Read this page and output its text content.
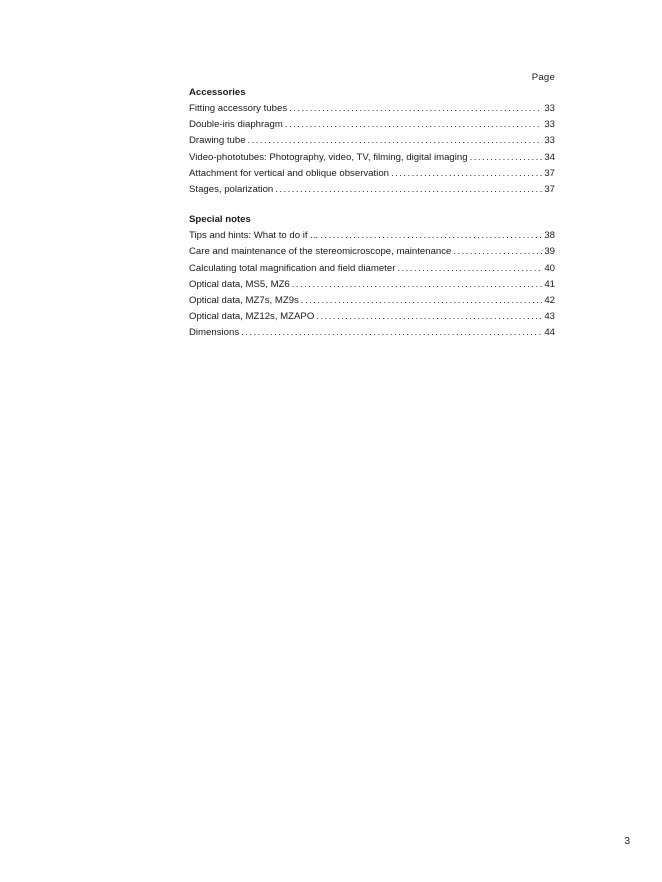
Page
Accessories
Fitting accessory tubes . . .	33
Double-iris diaphragm . . .	33
Drawing tube . . .	33
Video-phototubes: Photography, video, TV, filming, digital imaging . . .	34
Attachment for vertical and oblique observation . . .	37
Stages, polarization . . .	37
Special notes
Tips and hints: What to do if ... . . .	38
Care and maintenance of the stereomicroscope, maintenance . . .	39
Calculating total magnification and field diameter . . .	40
Optical data, MS5, MZ6 . . .	41
Optical data, MZ7s, MZ9s . . .	42
Optical data, MZ12s, MZAPO . . .	43
Dimensions . . .	44
3
